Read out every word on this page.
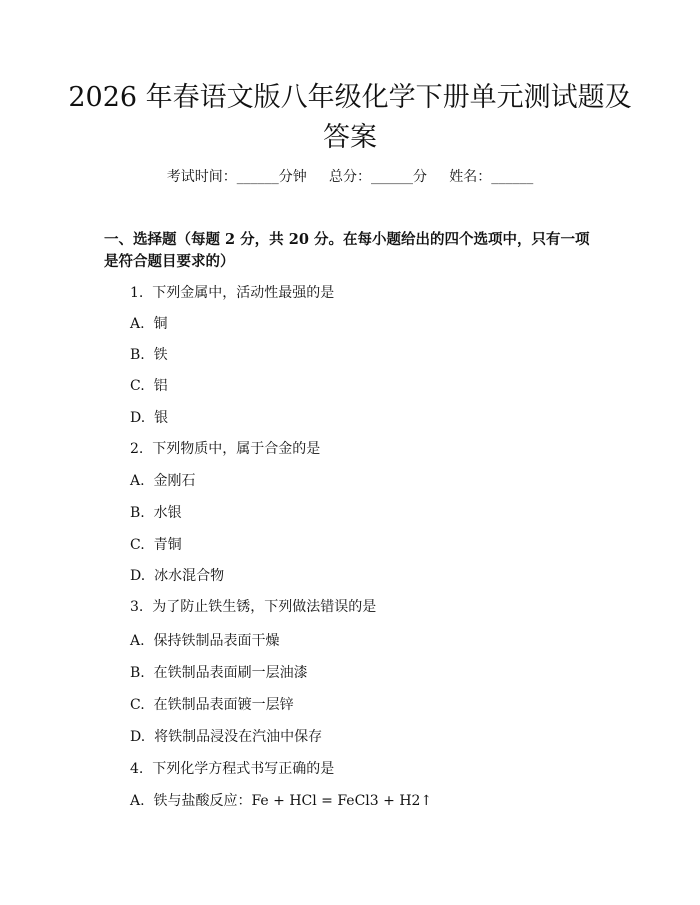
2026 年春语文版八年级化学下册单元测试题及答案
考试时间：______分钟     总分：______分     姓名：______
一、选择题（每题 2 分，共 20 分。在每小题给出的四个选项中，只有一项是符合题目要求的）
1.  下列金属中，活动性最强的是
A.  铜
B.  铁
C.  铝
D.  银
2.  下列物质中，属于合金的是
A.  金刚石
B.  水银
C.  青铜
D.  冰水混合物
3.  为了防止铁生锈，下列做法错误的是
A.  保持铁制品表面干燥
B.  在铁制品表面刷一层油漆
C.  在铁制品表面镀一层锌
D.  将铁制品浸没在汽油中保存
4.  下列化学方程式书写正确的是
A.  铁与盐酸反应：Fe + HCl = FeCl3 + H2↑
